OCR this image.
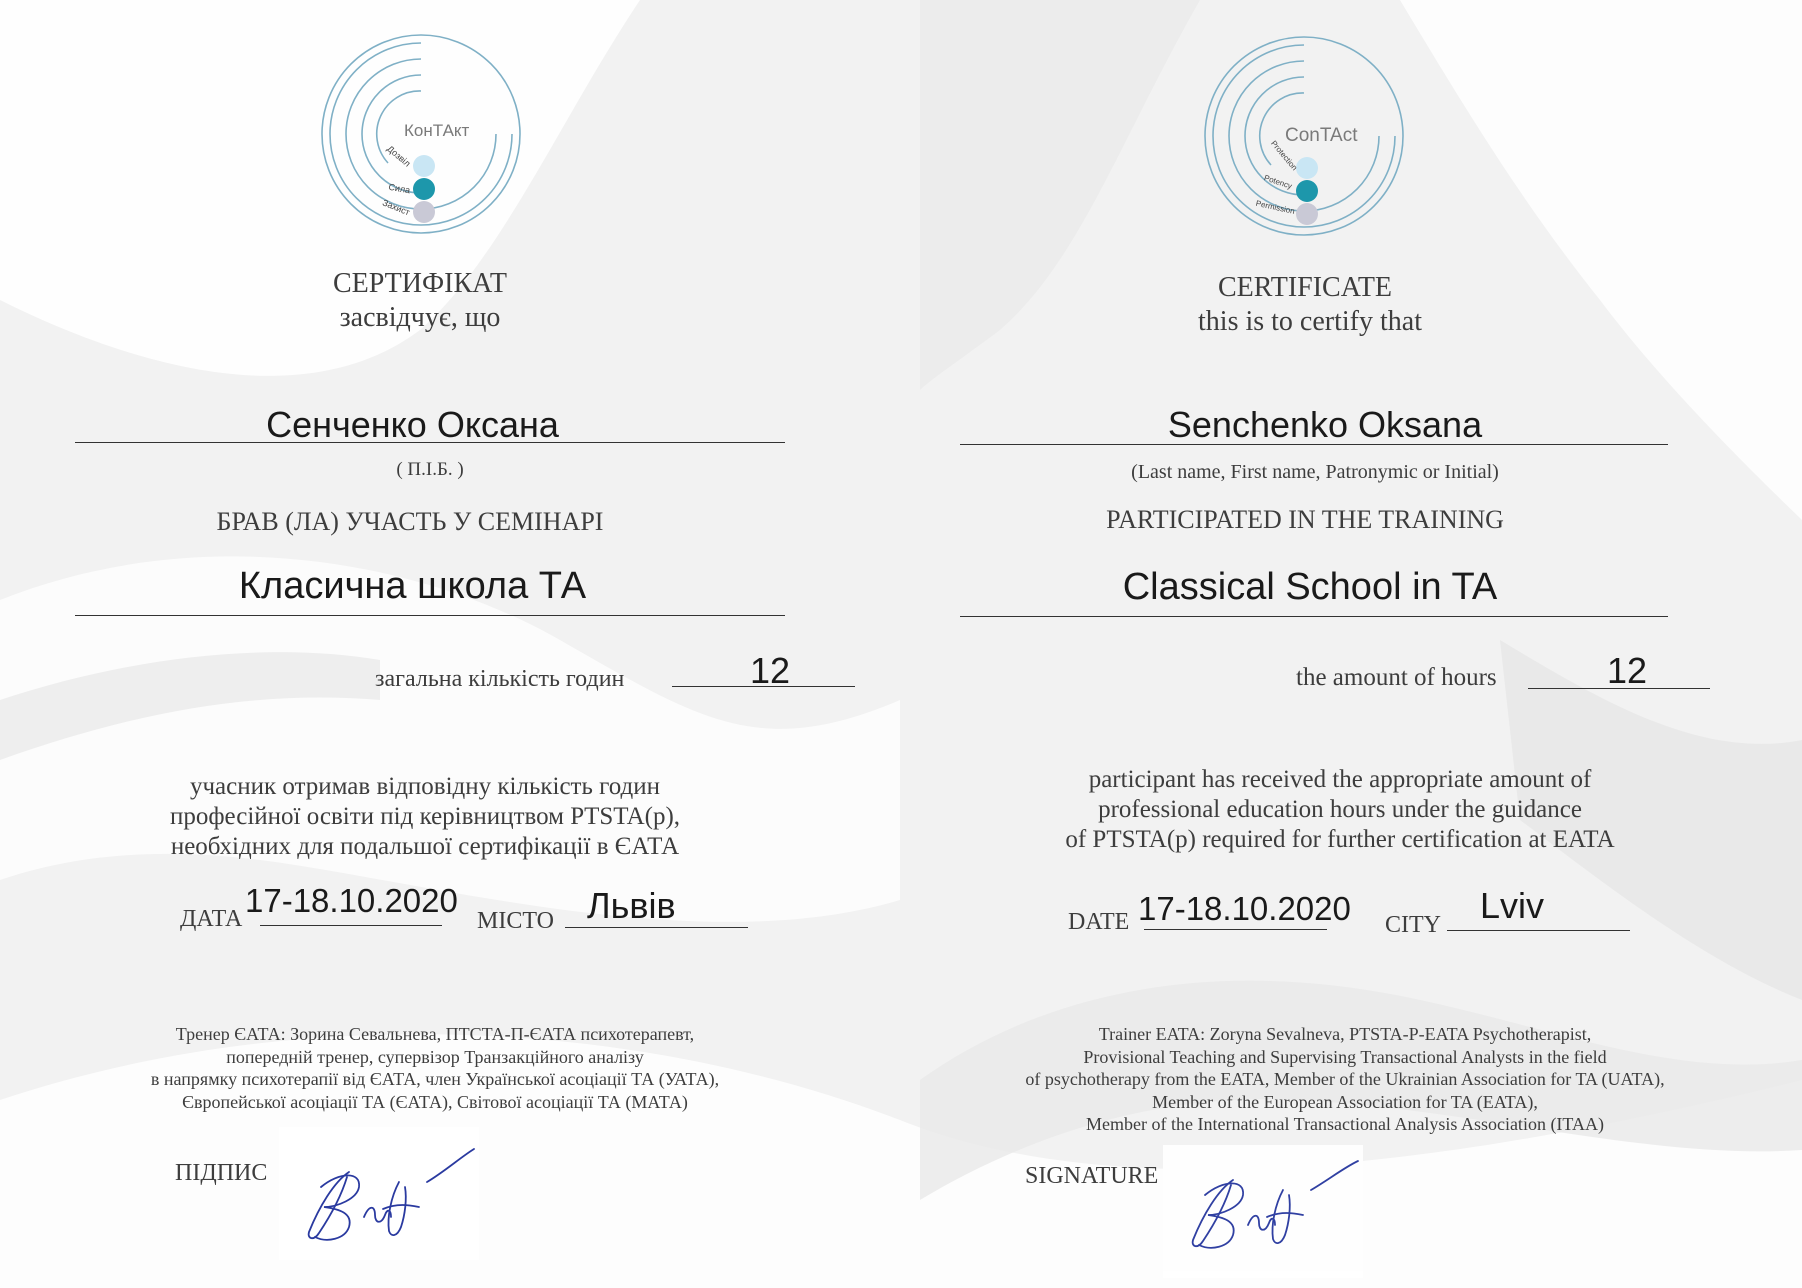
КонТАкт
Дозвіл
Сила
Захист
СЕРТИФІКАТ
засвідчує, що
Сенченко Оксана
( П.І.Б. )
БРАВ (ЛА) УЧАСТЬ У СЕМІНАРІ
Класична школа ТА
загальна кількість годин	12
учасник отримав відповідну кількість годин
професійної освіти під керівництвом PTSTA(p),
необхідних для подальшої сертифікації в ЄАТА
ДАТА 17-18.10.2020
МІСТО Львів
Тренер ЄАТА: Зорина Севальнева, ПТСТА-П-ЄАТА психотерапевт,
попередній тренер, супервізор Транзакційного аналізу
в напрямку психотерапії від ЄАТА, член Української асоціації ТА (УАТА),
Європейської асоціації ТА (ЄАТА), Світової асоціації ТА (МАТА)
ПІДПИС
ConTAct
Protection
Potency
Permission
CERTIFICATE
this is to certify that
Senchenko Oksana
(Last name, First name, Patronymic or Initial)
PARTICIPATED IN THE TRAINING
Classical School in TA
the amount of hours	12
participant has received the appropriate amount of
professional education hours under the guidance
of PTSTA(p) required for further certification at EATA
DATE 17-18.10.2020 CITY Lviv
Trainer EATA: Zoryna Sevalneva, PTSTA-P-EATA Psychotherapist,
Provisional Teaching and Supervising Transactional Analysts in the field
of psychotherapy from the EATA, Member of the Ukrainian Association for TA (UATA),
Member of the European Association for TA (EATA),
Member of the International Transactional Analysis Association (ITAA)
SIGNATURE
